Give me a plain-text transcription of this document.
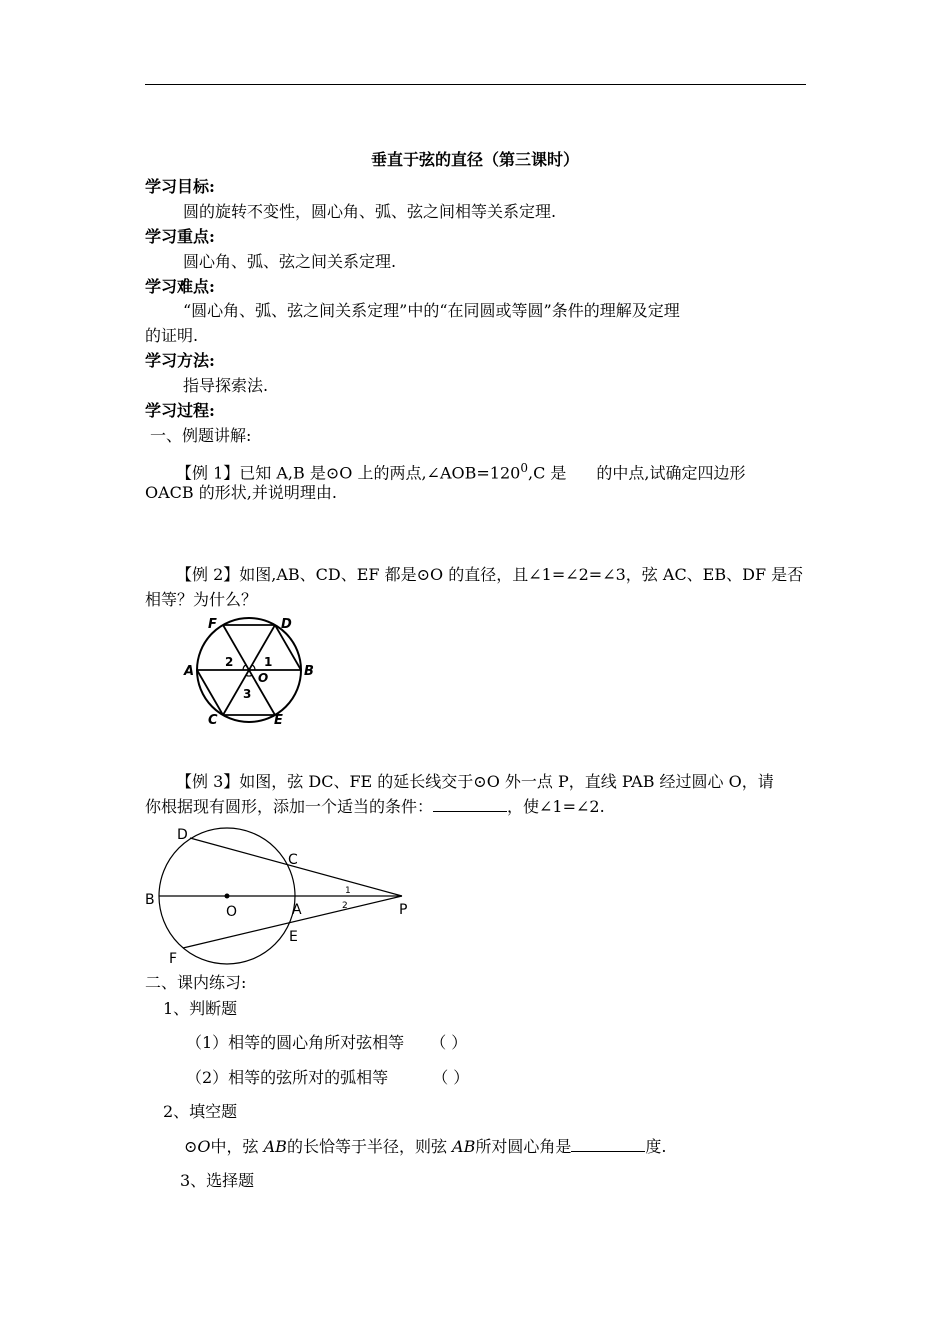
垂直于弦的直径（第三课时）
学习目标:
圆的旋转不变性，圆心角、弧、弦之间相等关系定理.
学习重点:
圆心角、弧、弦之间关系定理.
学习难点:
“圆心角、弧、弦之间关系定理”中的“在同圆或等圆”条件的理解及定理
的证明.
学习方法:
指导探索法.
学习过程:
一、例题讲解:
【例 1】已知 A,B 是⊙O 上的两点$,\angle AOB=120^0,C$ 是 的中点,试确定四边形
OACB 的形状,并说明理由.
【例 2】如图,AB、CD、EF 都是⊙O 的直径，且∠1=∠2=∠3，弦 AC、EB、DF 是否
相等？为什么？
F	D
A	B
C	E
O
1
2
3
【例 3】如图，弦 DC、FE 的延长线交于⊙O 外一点 P，直线 PAB 经过圆心 O，请
你根据现有圆形，添加一个适当的条件：	，使∠1=∠2.
D
C
B
O	A	P
E
F
1
2
二、课内练习:
1、判断题
（1）相等的圆心角所对弦相等 （ ）
（2）相等的弦所对的弧相等	（ ）
2、填空题
⊙O中，弦 AB的长恰等于半径，则弦 AB所对圆心角是	度.
3、选择题
